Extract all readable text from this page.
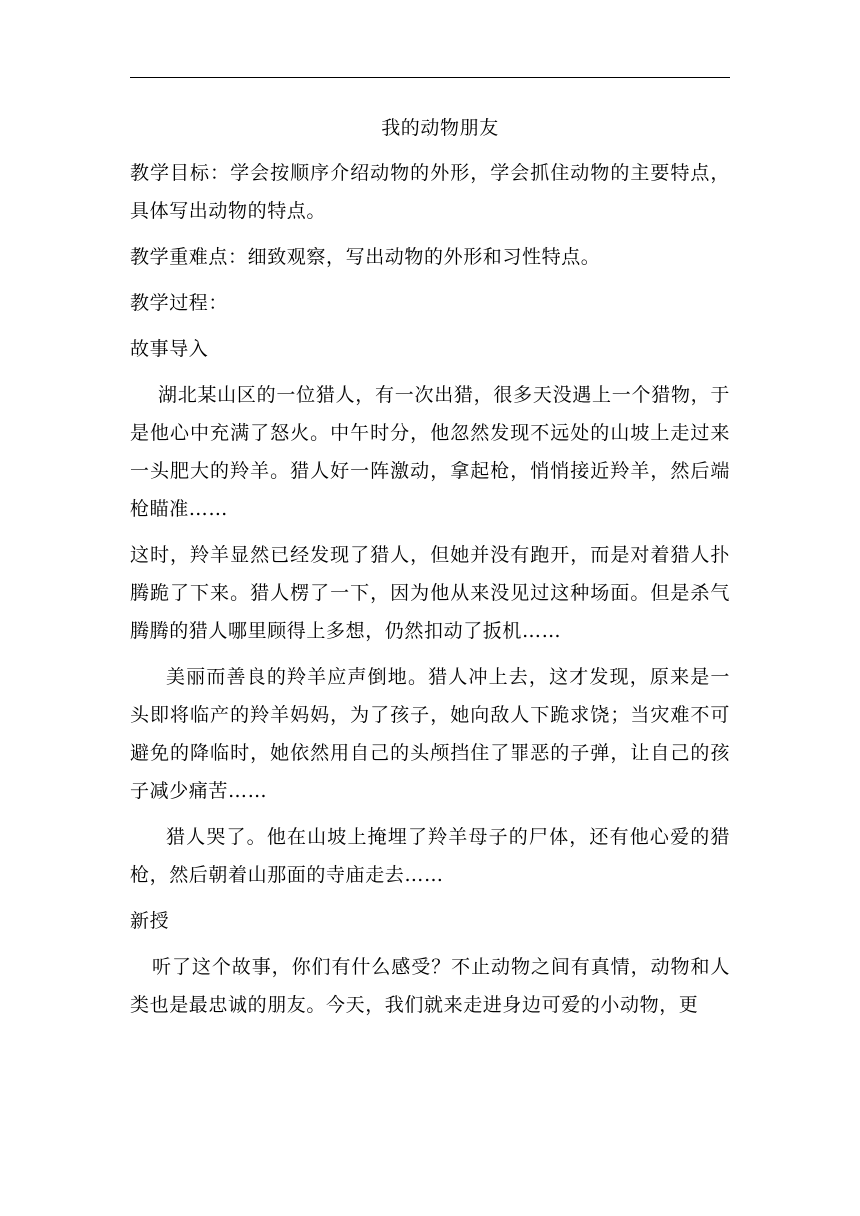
我的动物朋友

教学目标：学会按顺序介绍动物的外形，学会抓住动物的主要特点，具体写出动物的特点。

教学重难点：细致观察，写出动物的外形和习性特点。

教学过程：

故事导入

湖北某山区的一位猎人，有一次出猎，很多天没遇上一个猎物，于是他心中充满了怒火。中午时分，他忽然发现不远处的山坡上走过来一头肥大的羚羊。猎人好一阵激动，拿起枪，悄悄接近羚羊，然后端枪瞄准……

这时，羚羊显然已经发现了猎人，但她并没有跑开，而是对着猎人扑腾跪了下来。猎人楞了一下，因为他从来没见过这种场面。但是杀气腾腾的猎人哪里顾得上多想，仍然扣动了扳机……

美丽而善良的羚羊应声倒地。猎人冲上去，这才发现，原来是一头即将临产的羚羊妈妈，为了孩子，她向敌人下跪求饶；当灾难不可避免的降临时，她依然用自己的头颅挡住了罪恶的子弹，让自己的孩子减少痛苦……

猎人哭了。他在山坡上掩埋了羚羊母子的尸体，还有他心爱的猎枪，然后朝着山那面的寺庙走去……

新授

听了这个故事，你们有什么感受？不止动物之间有真情，动物和人类也是最忠诚的朋友。今天，我们就来走进身边可爱的小动物，更
